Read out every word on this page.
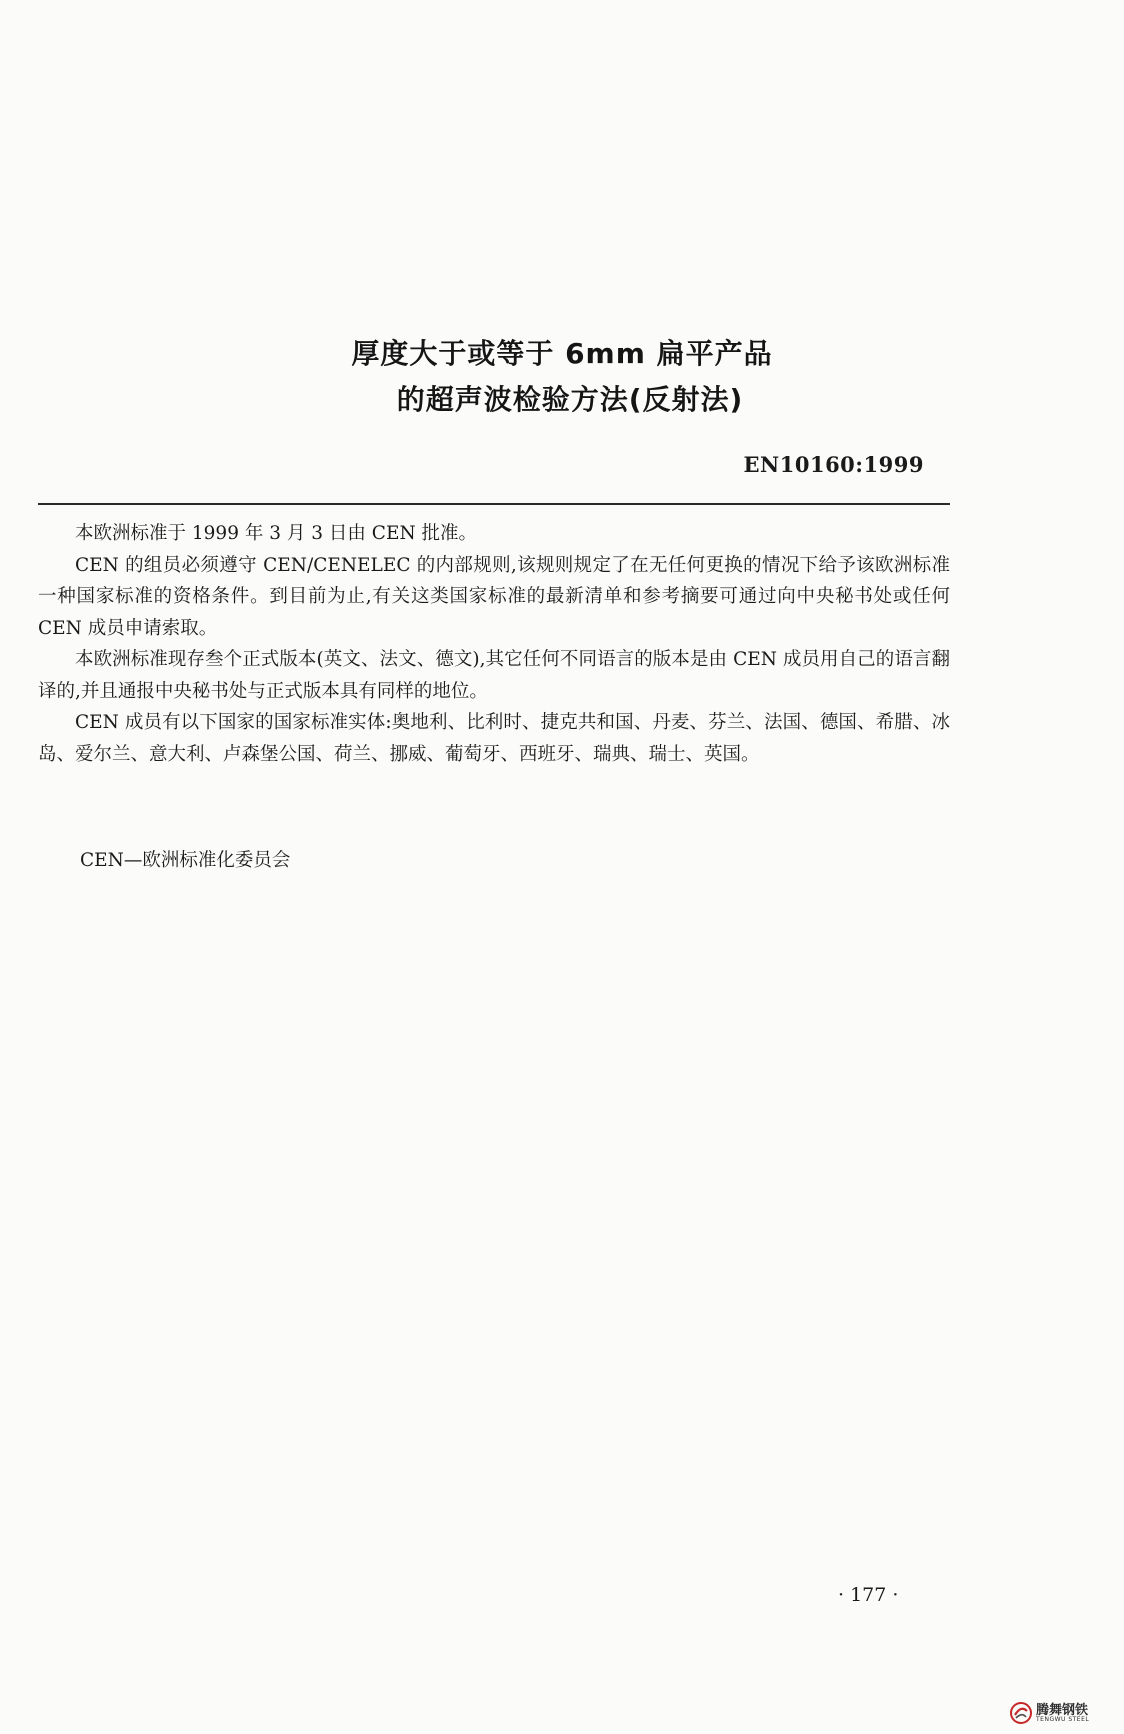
厚度大于或等于 6mm 扁平产品
的超声波检验方法(反射法)
EN10160:1999

本欧洲标准于 1999 年 3 月 3 日由 CEN 批准。

CEN 的组员必须遵守 CEN/CENELEC 的内部规则,该规则规定了在无任何更换的情况下给予该欧洲标准一种国家标准的资格条件。到目前为止,有关这类国家标准的最新清单和参考摘要可通过向中央秘书处或任何 CEN 成员申请索取。

本欧洲标准现存叁个正式版本(英文、法文、德文),其它任何不同语言的版本是由 CEN 成员用自己的语言翻译的,并且通报中央秘书处与正式版本具有同样的地位。

CEN 成员有以下国家的国家标准实体:奥地利、比利时、捷克共和国、丹麦、芬兰、法国、德国、希腊、冰岛、爱尔兰、意大利、卢森堡公国、荷兰、挪威、葡萄牙、西班牙、瑞典、瑞士、英国。

CEN—欧洲标准化委员会
· 177 ·
腾舞钢铁
TENGWU STEEL
